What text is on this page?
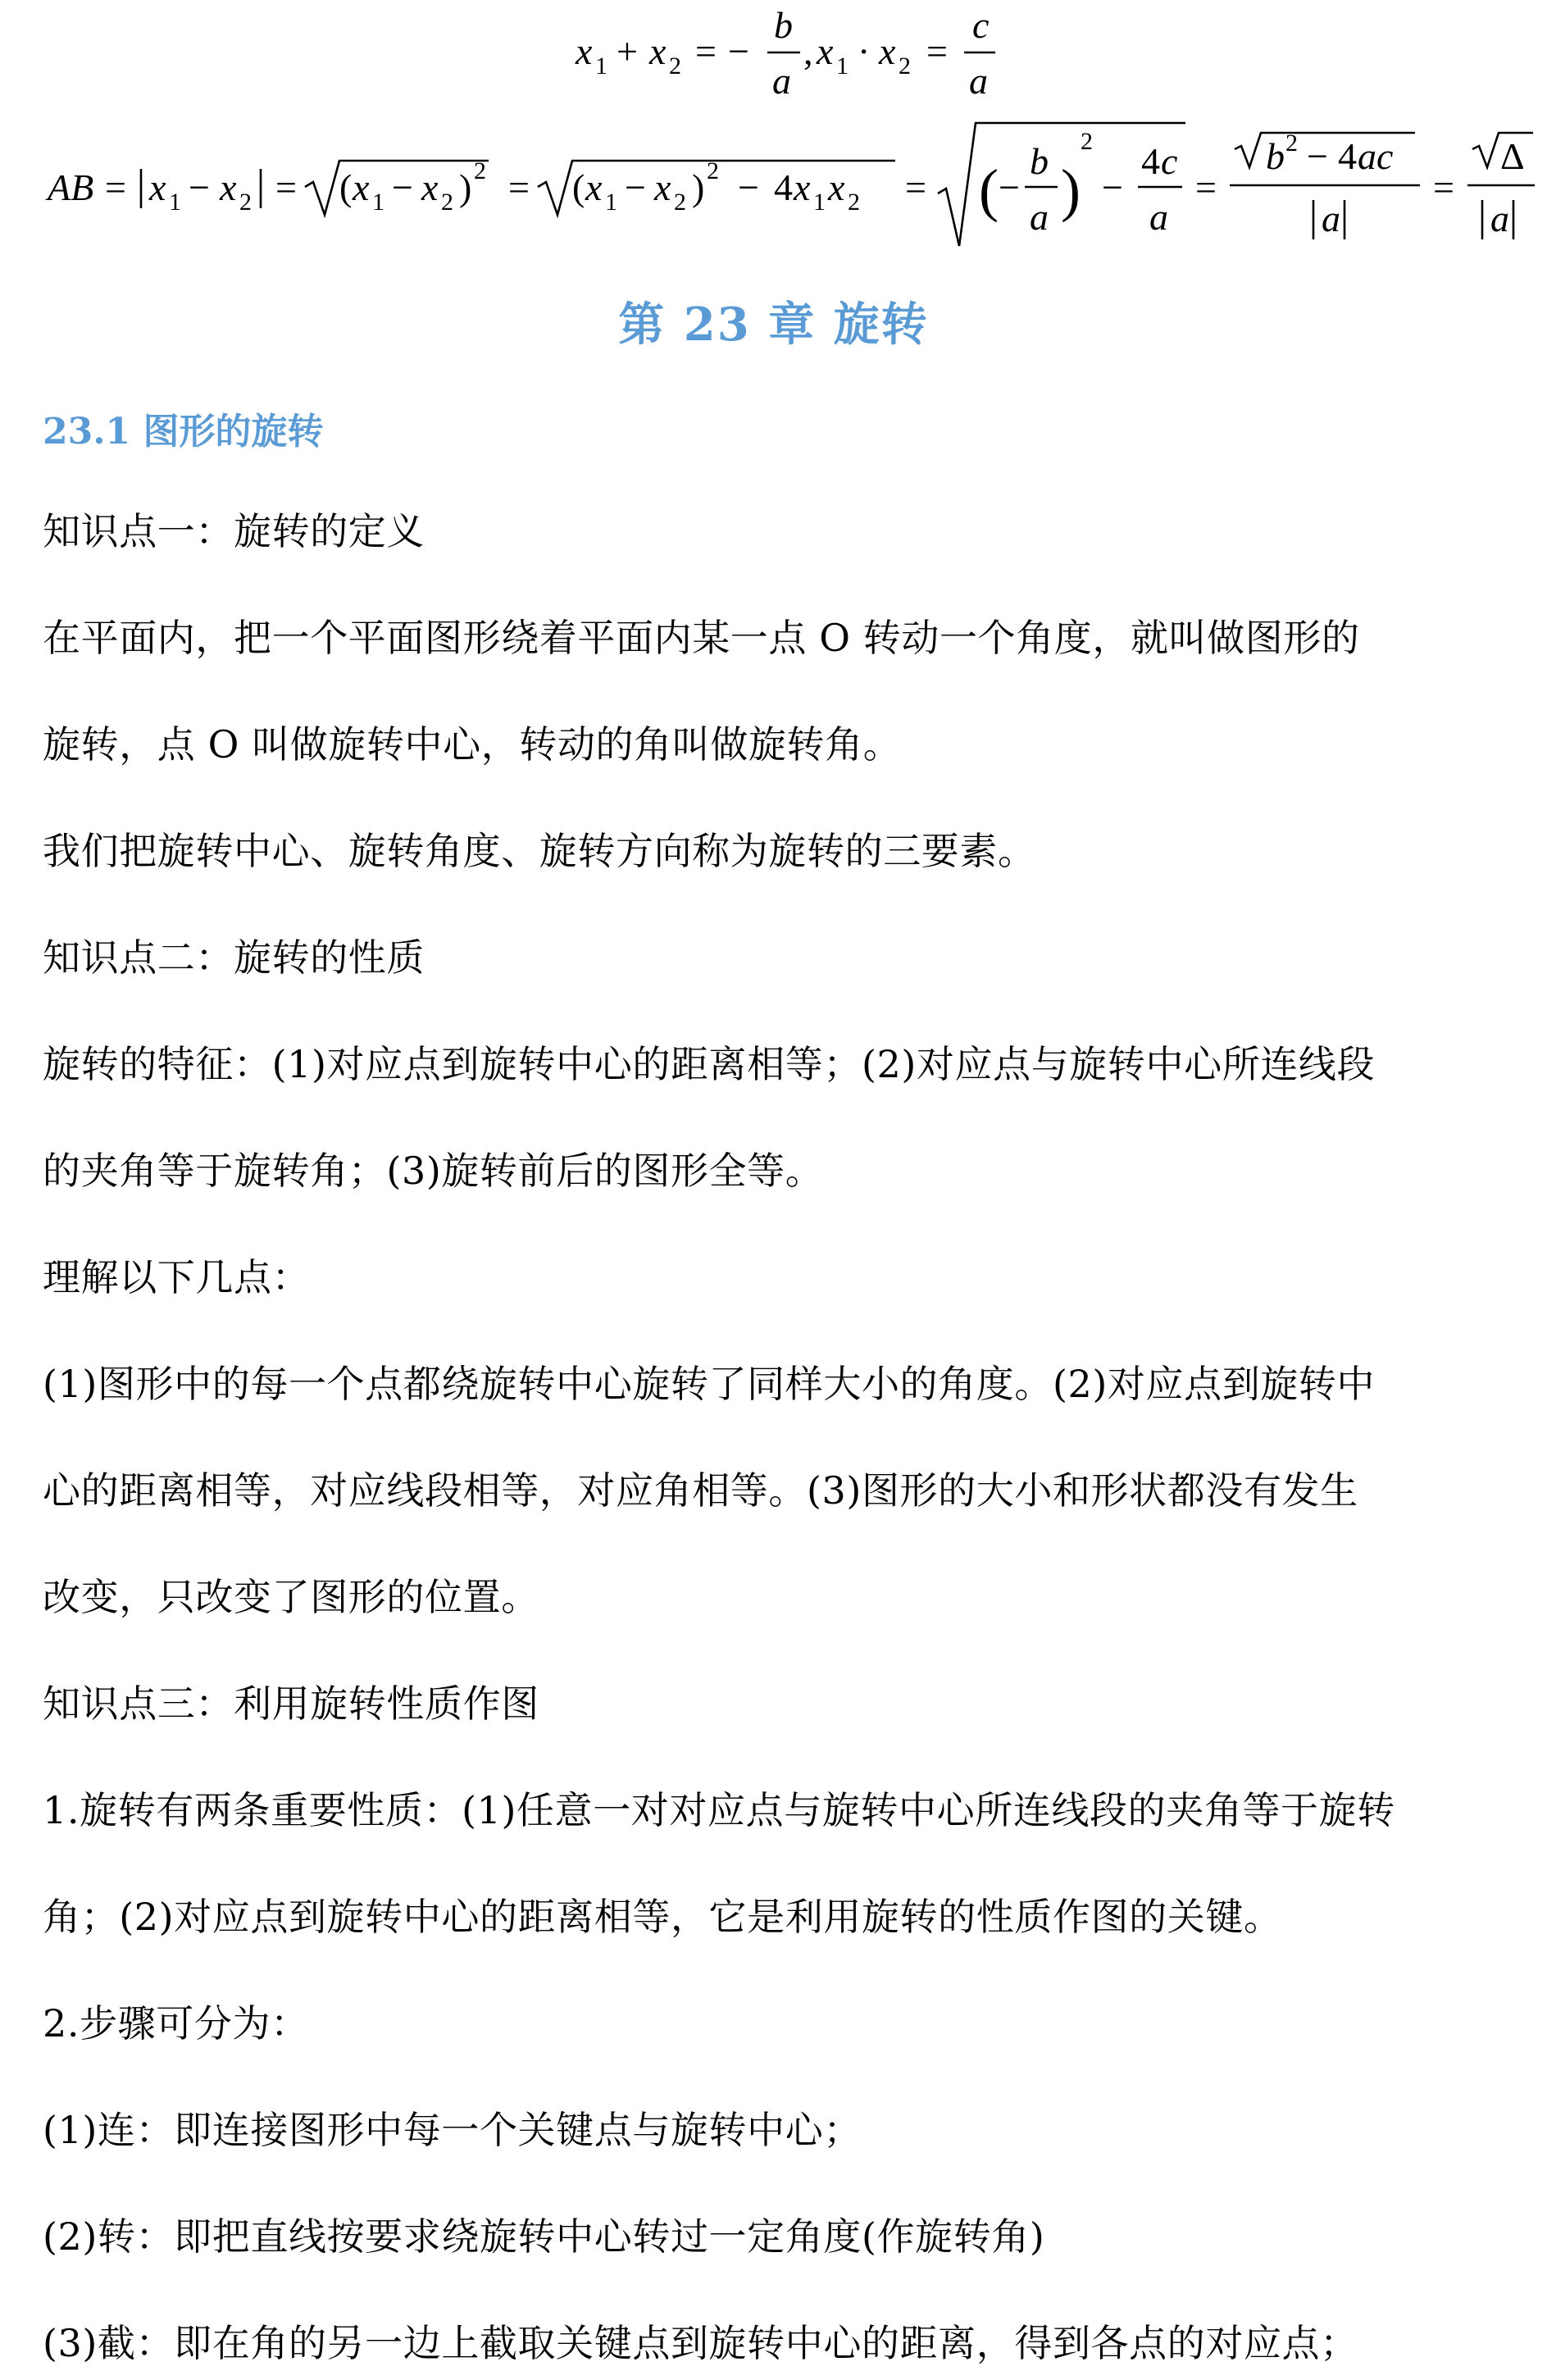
x 1 + x 2 = −
b
a
, x 1 · x 2 =
c
a
AB = x 1 − x 2 = ( x 1 − x 2 ) 2 = ( x 1 − x 2 ) 2 − 4 x 1 x 2 = ( −
b
a )
2
−
4 c
a
=
b 2 − 4 ac
a
=
Δ
a
第 23 章 旋转
23.1 图形的旋转
知识点一：旋转的定义
在平面内，把一个平面图形绕着平面内某一点 O 转动一个角度，就叫做图形的
旋转，点 O 叫做旋转中心，转动的角叫做旋转角。
我们把旋转中心、旋转角度、旋转方向称为旋转的三要素。
知识点二：旋转的性质
旋转的特征：(1)对应点到旋转中心的距离相等；(2)对应点与旋转中心所连线段
的夹角等于旋转角；(3)旋转前后的图形全等。
理解以下几点：
(1)图形中的每一个点都绕旋转中心旋转了同样大小的角度。(2)对应点到旋转中
心的距离相等，对应线段相等，对应角相等。(3)图形的大小和形状都没有发生
改变，只改变了图形的位置。
知识点三：利用旋转性质作图
1.旋转有两条重要性质：(1)任意一对对应点与旋转中心所连线段的夹角等于旋转
角；(2)对应点到旋转中心的距离相等，它是利用旋转的性质作图的关键。
2.步骤可分为：
(1)连：即连接图形中每一个关键点与旋转中心；
(2)转：即把直线按要求绕旋转中心转过一定角度(作旋转角)
(3)截：即在角的另一边上截取关键点到旋转中心的距离，得到各点的对应点；
